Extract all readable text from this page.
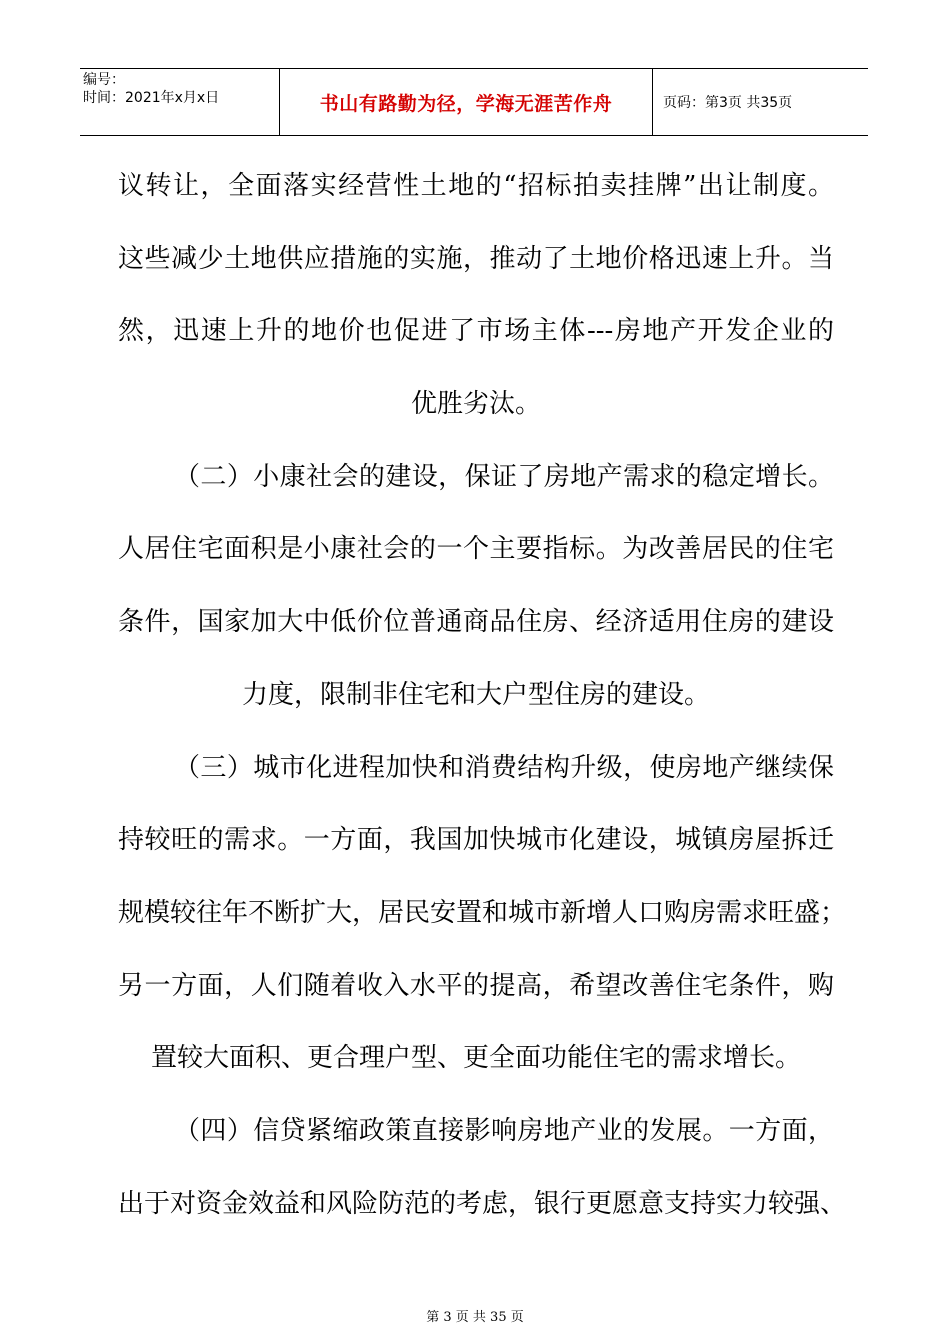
编号：
时间：2021年x月x日	书山有路勤为径，学海无涯苦作舟	页码：第3页 共35页
议转让，全面落实经营性土地的“招标拍卖挂牌”出让制度。
这些减少土地供应措施的实施，推动了土地价格迅速上升。当
然，迅速上升的地价也促进了市场主体---房地产开发企业的
优胜劣汰。
（二）小康社会的建设，保证了房地产需求的稳定增长。
人居住宅面积是小康社会的一个主要指标。为改善居民的住宅
条件，国家加大中低价位普通商品住房、经济适用住房的建设
力度，限制非住宅和大户型住房的建设。
（三）城市化进程加快和消费结构升级，使房地产继续保
持较旺的需求。一方面，我国加快城市化建设，城镇房屋拆迁
规模较往年不断扩大，居民安置和城市新增人口购房需求旺盛；
另一方面，人们随着收入水平的提高，希望改善住宅条件，购
置较大面积、更合理户型、更全面功能住宅的需求增长。
（四）信贷紧缩政策直接影响房地产业的发展。一方面，
出于对资金效益和风险防范的考虑，银行更愿意支持实力较强、
第 3 页 共 35 页
